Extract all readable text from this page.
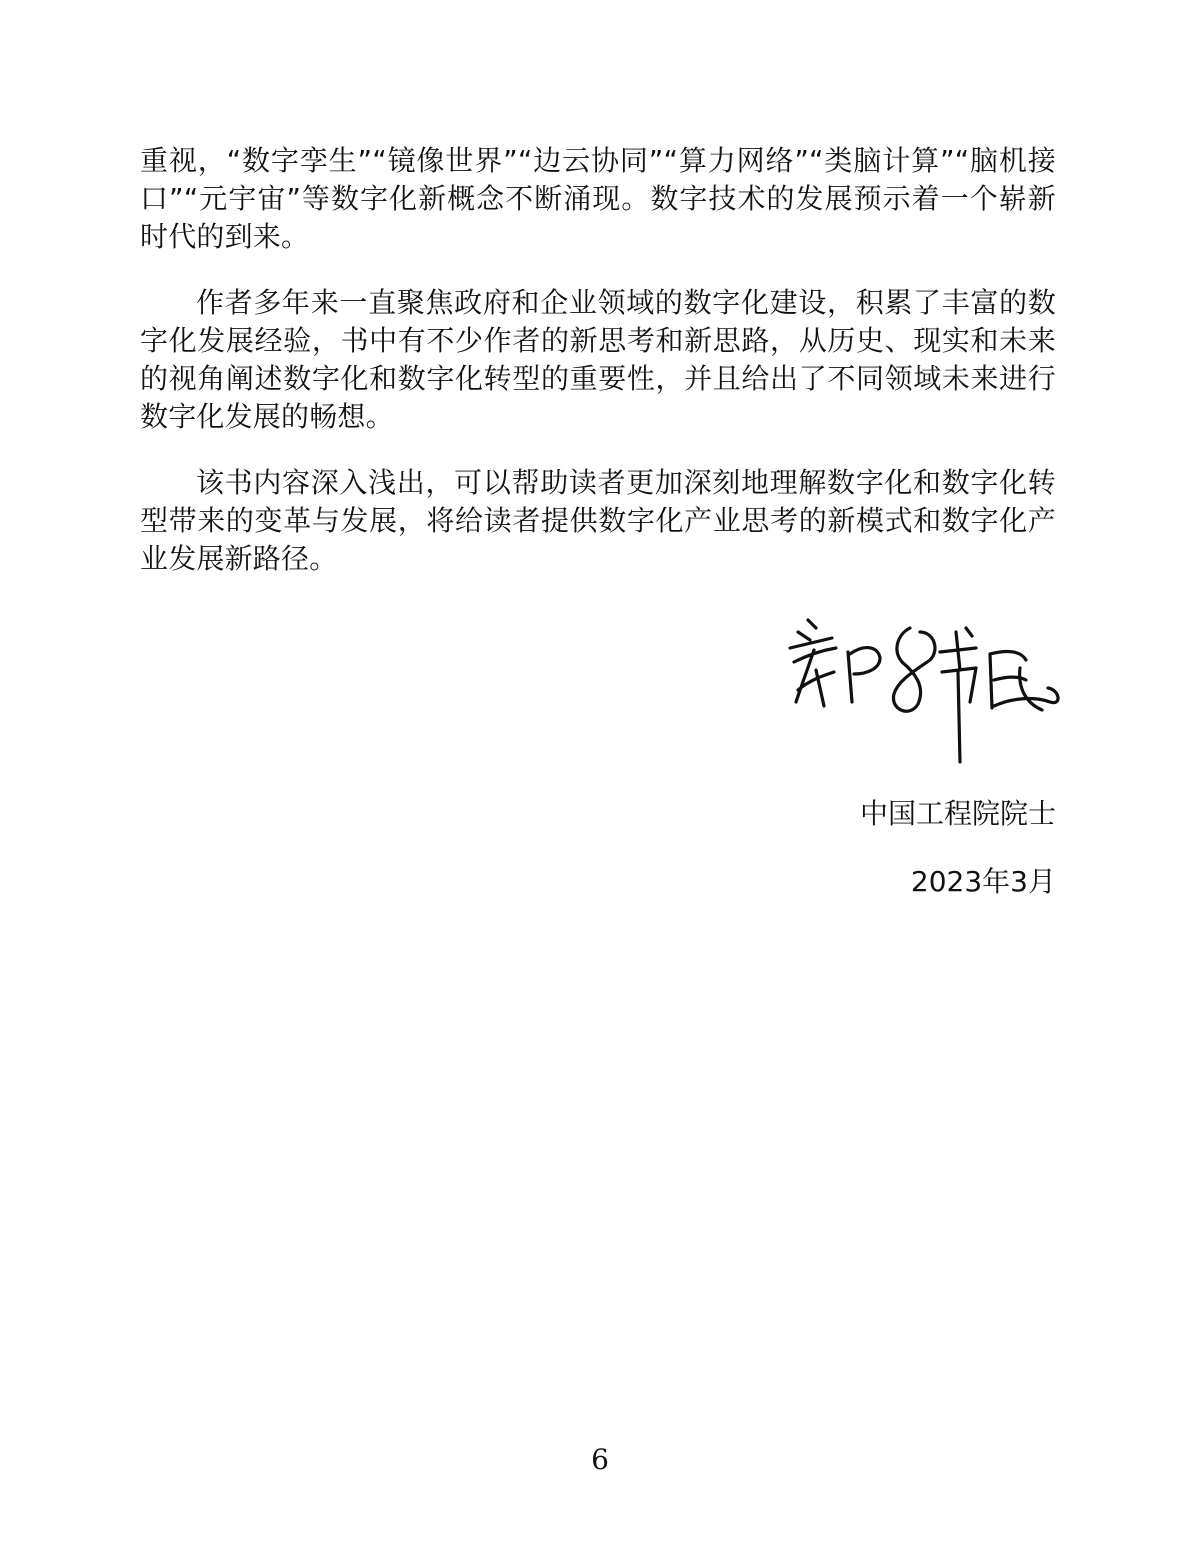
重视，“数字孪生”“镜像世界”“边云协同”“算力网络”“类脑计算”“脑机接口”“元宇宙”等数字化新概念不断涌现。数字技术的发展预示着一个崭新时代的到来。

作者多年来一直聚焦政府和企业领域的数字化建设，积累了丰富的数字化发展经验，书中有不少作者的新思考和新思路，从历史、现实和未来的视角阐述数字化和数字化转型的重要性，并且给出了不同领域未来进行数字化发展的畅想。

该书内容深入浅出，可以帮助读者更加深刻地理解数字化和数字化转型带来的变革与发展，将给读者提供数字化产业思考的新模式和数字化产业发展新路径。

中国工程院院士
2023年3月
6
